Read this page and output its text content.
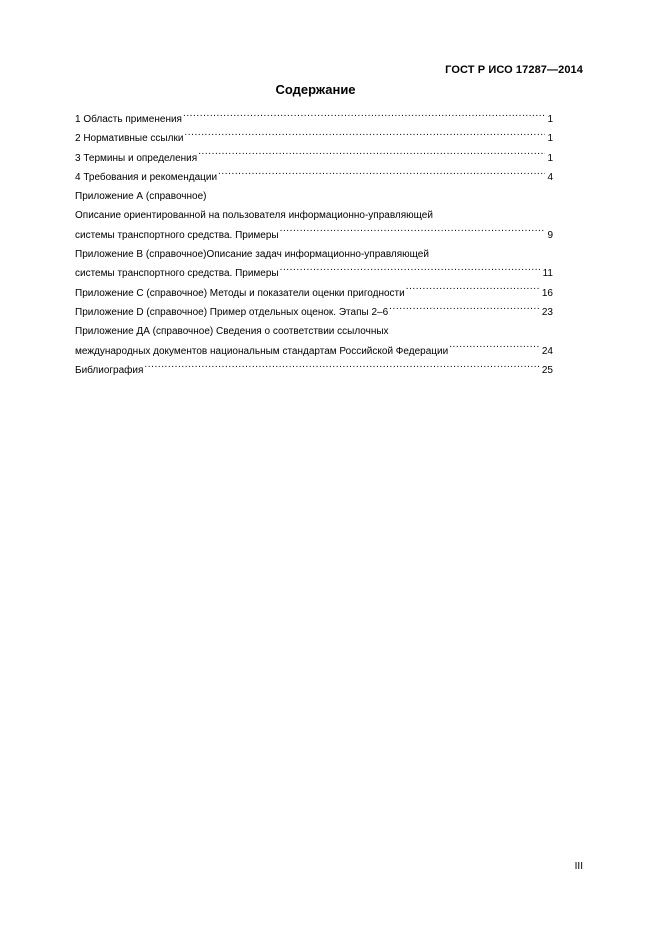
ГОСТ Р ИСО 17287—2014
Содержание
1 Область применения . . .	1
2 Нормативные ссылки . . .	1
3 Термины и определения . . .	1
4 Требования и рекомендации . . .	4
Приложение А (справочное)
Описание ориентированной на пользователя информационно-управляющей
системы транспортного средства. Примеры . . .	9
Приложение В (справочное)Описание задач информационно-управляющей
системы транспортного средства. Примеры . . .	11
Приложение С (справочное) Методы и показатели оценки пригодности . . .	16
Приложение D (справочное) Пример отдельных оценок. Этапы 2–6 . . .	23
Приложение ДА (справочное) Сведения о соответствии ссылочных
международных документов национальным стандартам Российской Федерации . . .	24
Библиография . . .	25
III
